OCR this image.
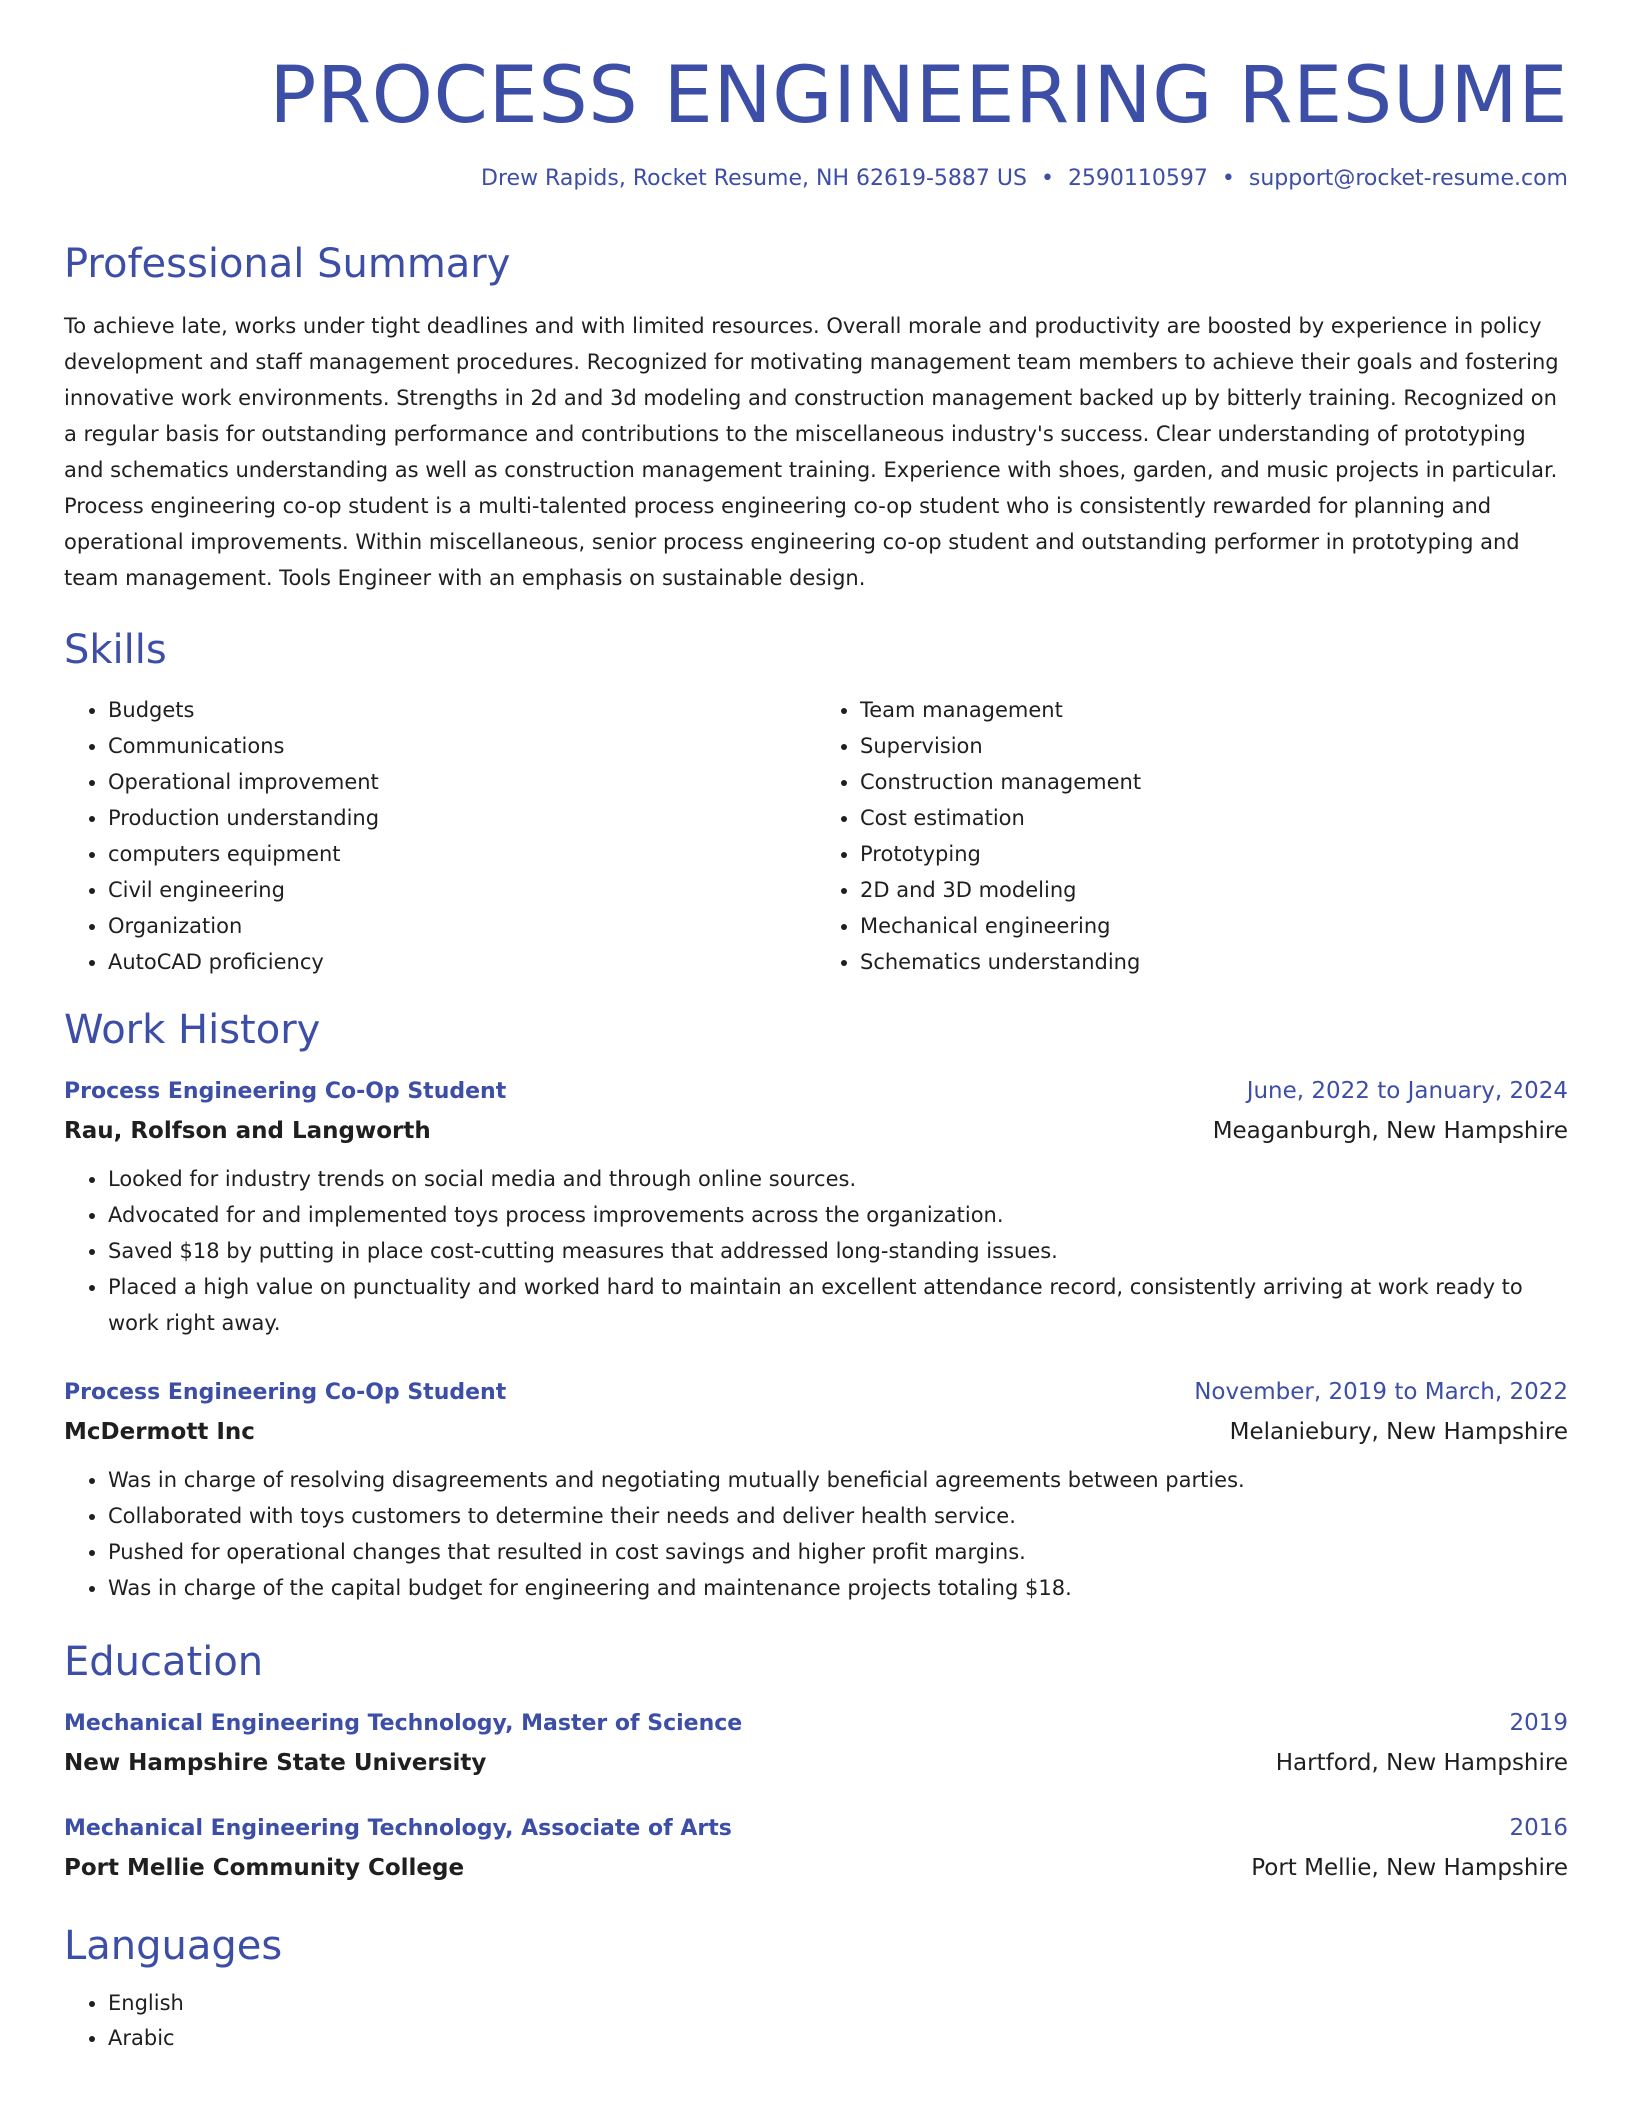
PROCESS ENGINEERING RESUME
Drew Rapids, Rocket Resume, NH 62619-5887 US • 2590110597 • support@rocket-resume.com
Professional Summary

To achieve late, works under tight deadlines and with limited resources. Overall morale and productivity are boosted by experience in policy development and staff management procedures. Recognized for motivating management team members to achieve their goals and fostering innovative work environments. Strengths in 2d and 3d modeling and construction management backed up by bitterly training. Recognized on a regular basis for outstanding performance and contributions to the miscellaneous industry's success. Clear understanding of prototyping and schematics understanding as well as construction management training. Experience with shoes, garden, and music projects in particular. Process engineering co-op student is a multi-talented process engineering co-op student who is consistently rewarded for planning and operational improvements. Within miscellaneous, senior process engineering co-op student and outstanding performer in prototyping and team management. Tools Engineer with an emphasis on sustainable design.

Skills
• Budgets
• Communications
• Operational improvement
• Production understanding
• computers equipment
• Civil engineering
• Organization
• AutoCAD proficiency
• Team management
• Supervision
• Construction management
• Cost estimation
• Prototyping
• 2D and 3D modeling
• Mechanical engineering
• Schematics understanding
Work History
Process Engineering Co-Op Student	June, 2022 to January, 2024
Rau, Rolfson and Langworth	Meaganburgh, New Hampshire
• Looked for industry trends on social media and through online sources.
• Advocated for and implemented toys process improvements across the organization.
• Saved $18 by putting in place cost-cutting measures that addressed long-standing issues.
• Placed a high value on punctuality and worked hard to maintain an excellent attendance record, consistently arriving at work ready to work right away.
Process Engineering Co-Op Student	November, 2019 to March, 2022
McDermott Inc	Melaniebury, New Hampshire
• Was in charge of resolving disagreements and negotiating mutually beneficial agreements between parties.
• Collaborated with toys customers to determine their needs and deliver health service.
• Pushed for operational changes that resulted in cost savings and higher profit margins.
• Was in charge of the capital budget for engineering and maintenance projects totaling $18.
Education
Mechanical Engineering Technology, Master of Science	2019
New Hampshire State University	Hartford, New Hampshire
Mechanical Engineering Technology, Associate of Arts	2016
Port Mellie Community College	Port Mellie, New Hampshire
Languages
• English
• Arabic
